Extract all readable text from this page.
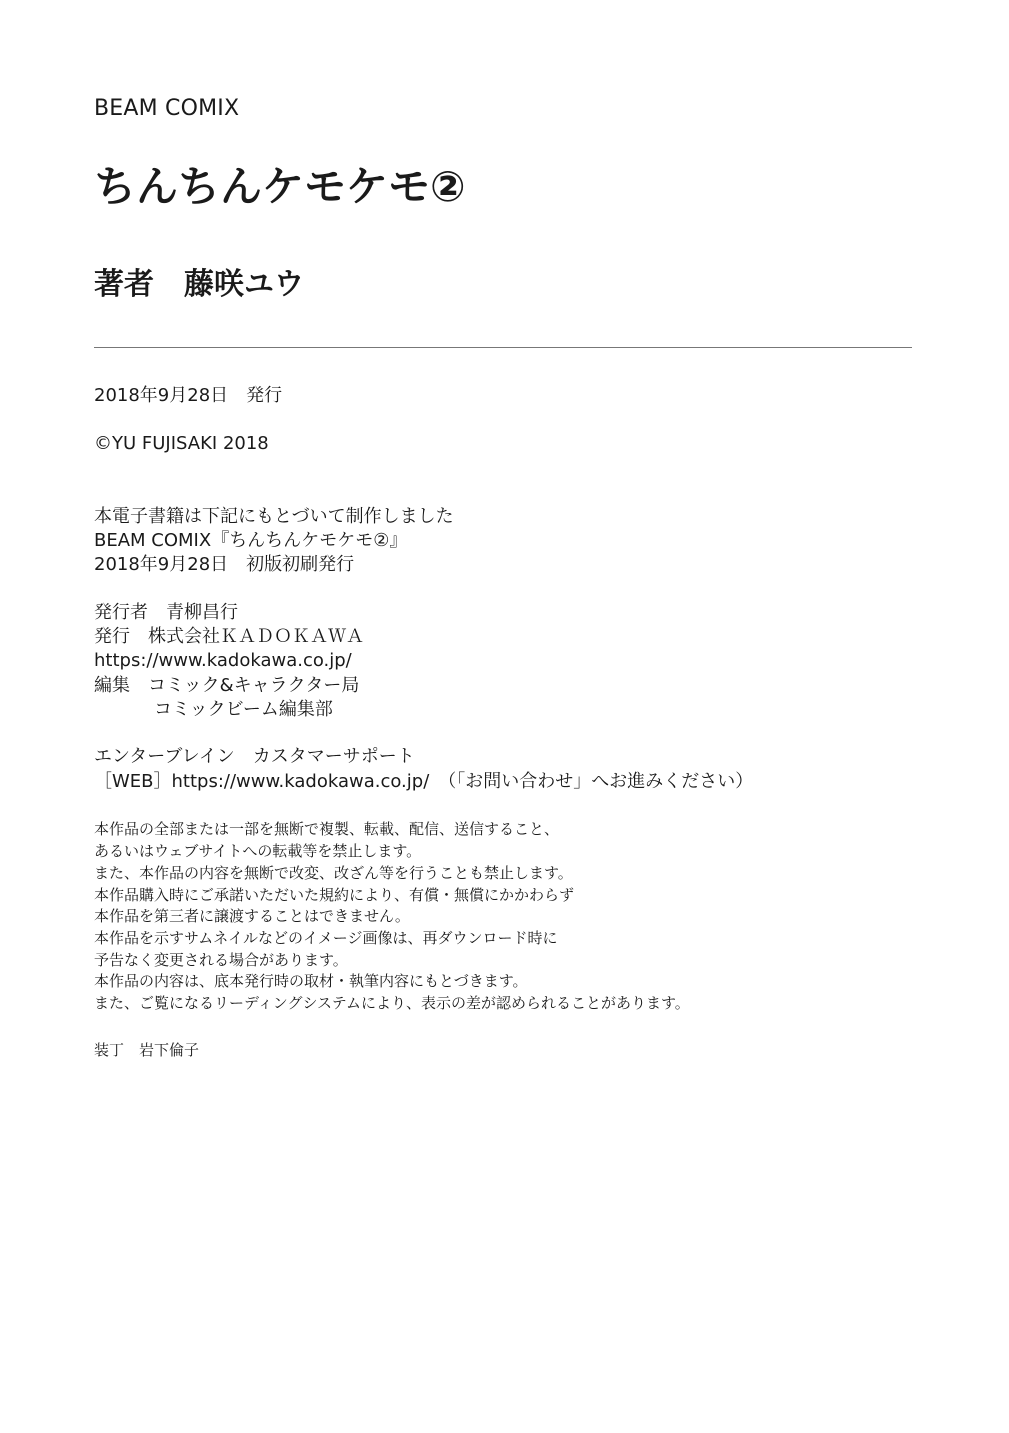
BEAM COMIX
ちんちんケモケモ②
著者 藤咲ユウ
2018年9月28日　発行
©YU FUJISAKI 2018
本電子書籍は下記にもとづいて制作しました
BEAM COMIX『ちんちんケモケモ②』
2018年9月28日　初版初刷発行
発行者　青柳昌行
発行　株式会社ＫＡＤＯＫＡＷＡ
https://www.kadokawa.co.jp/
編集　コミック&キャラクター局
コミックビーム編集部
エンターブレイン　カスタマーサポート
［WEB］https://www.kadokawa.co.jp/　（「お問い合わせ」へお進みください）
本作品の全部または一部を無断で複製、転載、配信、送信すること、
あるいはウェブサイトへの転載等を禁止します。
また、本作品の内容を無断で改変、改ざん等を行うことも禁止します。
本作品購入時にご承諾いただいた規約により、有償・無償にかかわらず
本作品を第三者に譲渡することはできません。
本作品を示すサムネイルなどのイメージ画像は、再ダウンロード時に
予告なく変更される場合があります。
本作品の内容は、底本発行時の取材・執筆内容にもとづきます。
また、ご覧になるリーディングシステムにより、表示の差が認められることがあります。
装丁　岩下倫子
